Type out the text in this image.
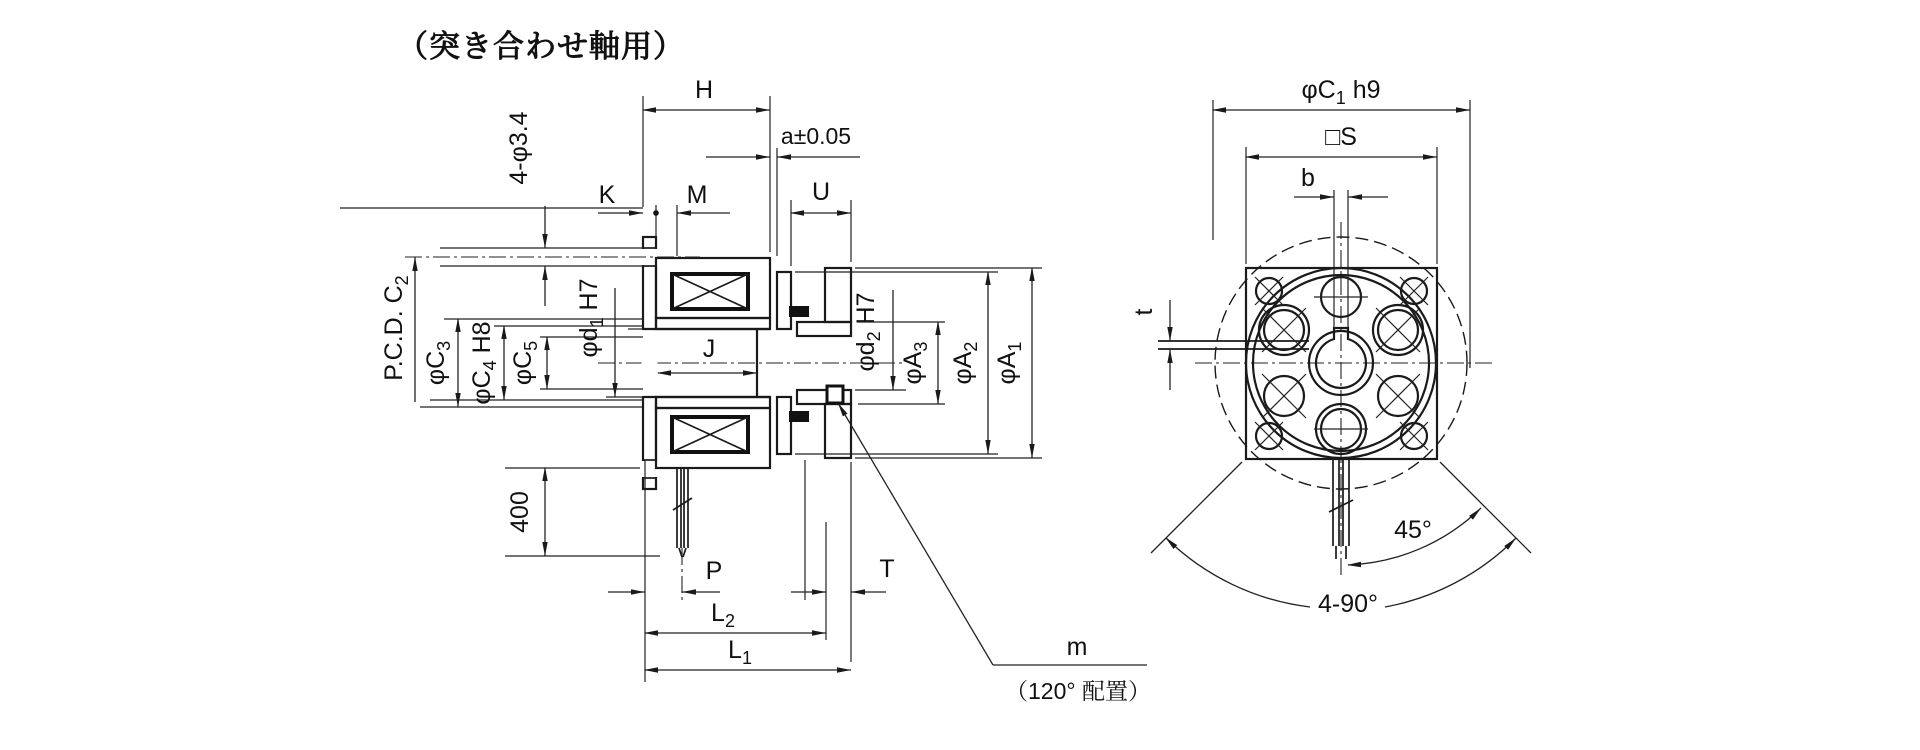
（突き合わせ軸用）
H
a±0.05
4-φ3.4
K	M	U
P.C.D. C2
φC3
φC4 H8
φC5 φd1 H7
J	φd2 H7
φA3
φA2
φA1
400
P	T
L2
L1	m
（120° 配置）
φC1 h9
□S
b
t
45°
4-90°
